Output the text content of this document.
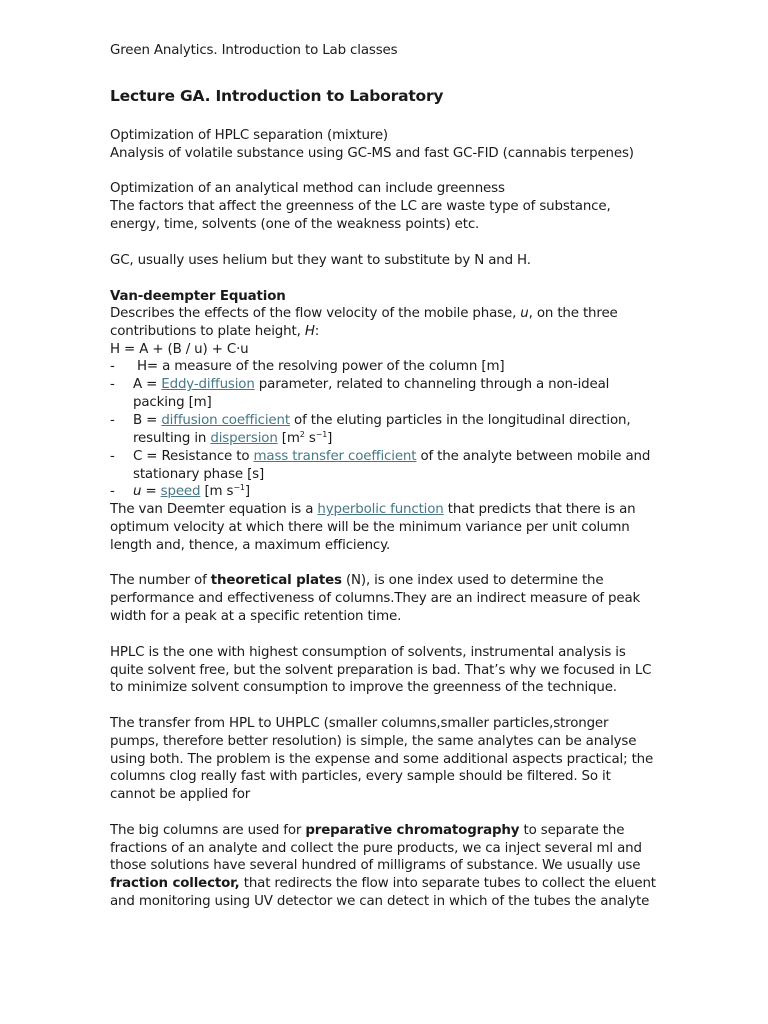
Green Analytics. Introduction to Lab classes
Lecture GA. Introduction to Laboratory
Optimization of HPLC separation (mixture)
Analysis of volatile substance using GC-MS and fast GC-FID (cannabis terpenes)
Optimization of an analytical method can include greenness
The factors that affect the greenness of the LC are waste type of substance,
energy, time, solvents (one of the weakness points) etc.
GC, usually uses helium but they want to substitute by N and H.
Van-deempter Equation
Describes the effects of the flow velocity of the mobile phase, u, on the three
contributions to plate height, H:
H = A + (B / u) + C·u
- H= a measure of the resolving power of the column [m]
- A = Eddy-diffusion parameter, related to channeling through a non-ideal
packing [m]
- B = diffusion coefficient of the eluting particles in the longitudinal direction,
resulting in dispersion [$m^2$ $s^{-1}$]
- C = Resistance to mass transfer coefficient of the analyte between mobile and
stationary phase [s]
- u = speed [m $s^{-1}$]
The van Deemter equation is a hyperbolic function that predicts that there is an
optimum velocity at which there will be the minimum variance per unit column
length and, thence, a maximum efficiency.
The number of theoretical plates (N), is one index used to determine the
performance and effectiveness of columns.They are an indirect measure of peak
width for a peak at a specific retention time.
HPLC is the one with highest consumption of solvents, instrumental analysis is
quite solvent free, but the solvent preparation is bad. That’s why we focused in LC
to minimize solvent consumption to improve the greenness of the technique.
The transfer from HPL to UHPLC (smaller columns,smaller particles,stronger
pumps, therefore better resolution) is simple, the same analytes can be analyse
using both. The problem is the expense and some additional aspects practical; the
columns clog really fast with particles, every sample should be filtered. So it
cannot be applied for
The big columns are used for preparative chromatography to separate the
fractions of an analyte and collect the pure products, we ca inject several ml and
those solutions have several hundred of milligrams of substance. We usually use
fraction collector, that redirects the flow into separate tubes to collect the eluent
and monitoring using UV detector we can detect in which of the tubes the analyte
